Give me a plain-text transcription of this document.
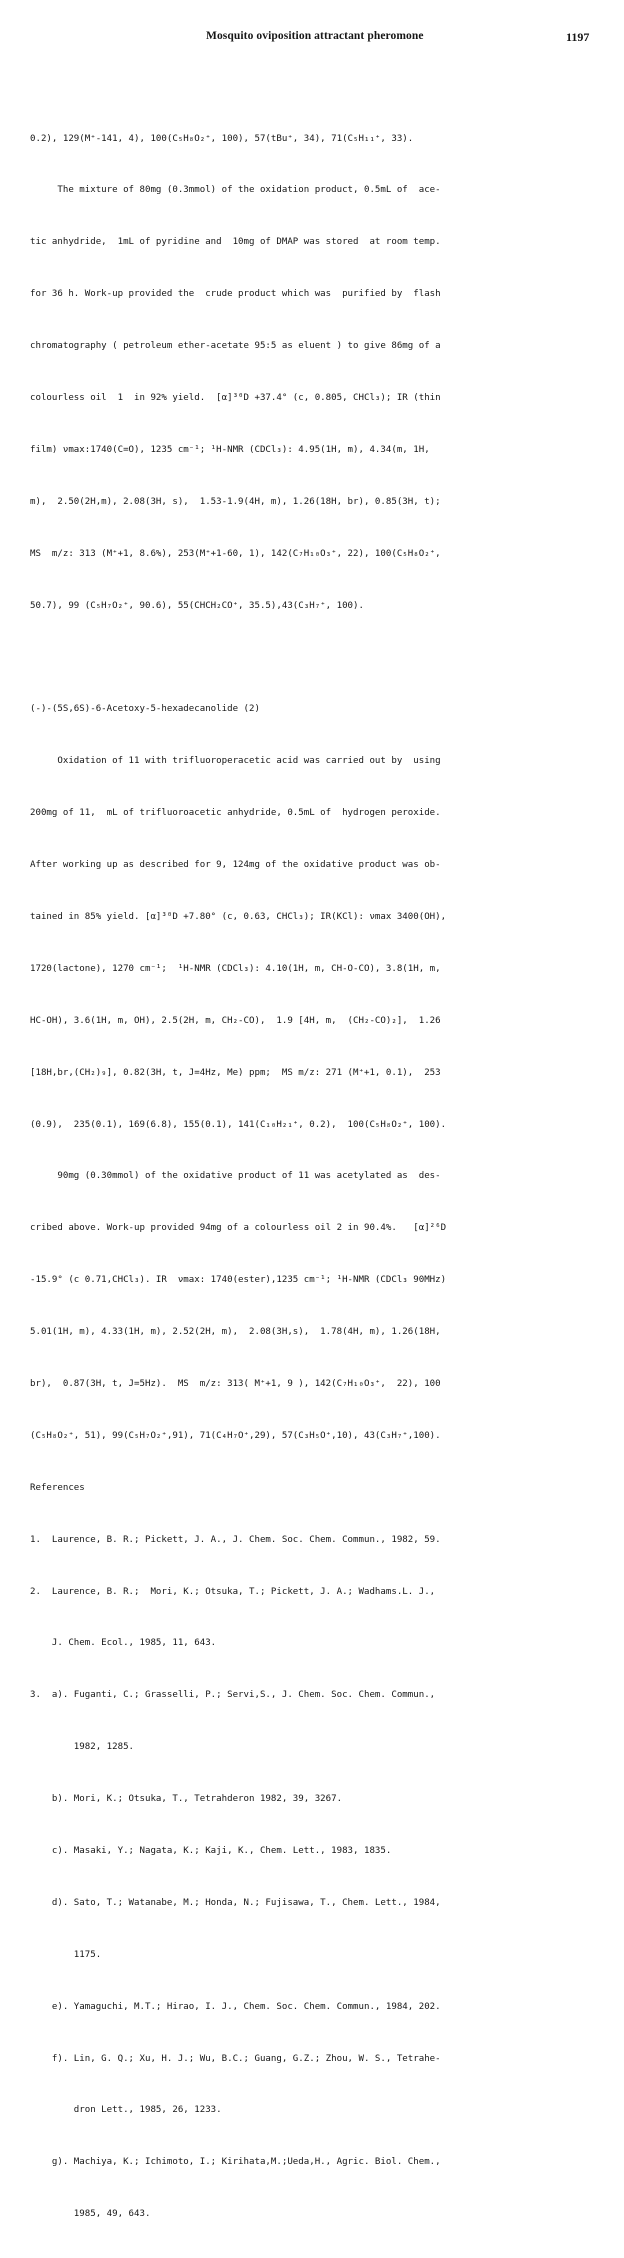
Mosquito oviposition attractant pheromone	1197

0.2), 129(M⁺-141, 4), 100(C₅H₈O₂⁺, 100), 57(tBu⁺, 34), 71(C₅H₁₁⁺, 33).

The mixture of 80mg (0.3mmol) of the oxidation product, 0.5mL of  ace-

tic anhydride,  1mL of pyridine and  10mg of DMAP was stored  at room temp.

for 36 h. Work-up provided the  crude product which was  purified by  flash

chromatography ( petroleum ether-acetate 95:5 as eluent ) to give 86mg of a

colourless oil  1  in 92% yield.  [α]³⁰D +37.4° (c, 0.805, CHCl₃); IR (thin

film) νmax:1740(C=O), 1235 cm⁻¹; ¹H-NMR (CDCl₃): 4.95(1H, m), 4.34(m, 1H,

m),  2.50(2H,m), 2.08(3H, s),  1.53-1.9(4H, m), 1.26(18H, br), 0.85(3H, t);

MS  m/z: 313 (M⁺+1, 8.6%), 253(M⁺+1-60, 1), 142(C₇H₁₀O₃⁺, 22), 100(C₅H₈O₂⁺,

50.7), 99 (C₅H₇O₂⁺, 90.6), 55(CHCH₂CO⁺, 35.5),43(C₃H₇⁺, 100).

(-)-(5S,6S)-6-Acetoxy-5-hexadecanolide (2)

Oxidation of 11 with trifluoroperacetic acid was carried out by  using

200mg of 11,  mL of trifluoroacetic anhydride, 0.5mL of  hydrogen peroxide.

After working up as described for 9, 124mg of the oxidative product was ob-

tained in 85% yield. [α]³⁰D +7.80° (c, 0.63, CHCl₃); IR(KCl): νmax 3400(OH),

1720(lactone), 1270 cm⁻¹;  ¹H-NMR (CDCl₃): 4.10(1H, m, CH-O-CO), 3.8(1H, m,

HC-OH), 3.6(1H, m, OH), 2.5(2H, m, CH₂-CO),  1.9 [4H, m,  (CH₂-CO)₂],  1.26

[18H,br,(CH₂)₉], 0.82(3H, t, J=4Hz, Me) ppm;  MS m/z: 271 (M⁺+1, 0.1),  253

(0.9),  235(0.1), 169(6.8), 155(0.1), 141(C₁₀H₂₁⁺, 0.2),  100(C₅H₈O₂⁺, 100).

90mg (0.30mmol) of the oxidative product of 11 was acetylated as  des-

cribed above. Work-up provided 94mg of a colourless oil 2 in 90.4%.   [α]²⁶D

-15.9° (c 0.71,CHCl₃). IR  νmax: 1740(ester),1235 cm⁻¹; ¹H-NMR (CDCl₃ 90MHz)

5.01(1H, m), 4.33(1H, m), 2.52(2H, m),  2.08(3H,s),  1.78(4H, m), 1.26(18H,

br),  0.87(3H, t, J=5Hz).  MS  m/z: 313( M⁺+1, 9 ), 142(C₇H₁₀O₃⁺,  22), 100

(C₅H₈O₂⁺, 51), 99(C₅H₇O₂⁺,91), 71(C₄H₇O⁺,29), 57(C₃H₅O⁺,10), 43(C₃H₇⁺,100).

References

1.  Laurence, B. R.; Pickett, J. A., J. Chem. Soc. Chem. Commun., 1982, 59.

2.  Laurence, B. R.;  Mori, K.; Otsuka, T.; Pickett, J. A.; Wadhams.L. J.,

J. Chem. Ecol., 1985, 11, 643.

3.  a). Fuganti, C.; Grasselli, P.; Servi,S., J. Chem. Soc. Chem. Commun.,

1982, 1285.

b). Mori, K.; Otsuka, T., Tetrahderon 1982, 39, 3267.

c). Masaki, Y.; Nagata, K.; Kaji, K., Chem. Lett., 1983, 1835.

d). Sato, T.; Watanabe, M.; Honda, N.; Fujisawa, T., Chem. Lett., 1984,

1175.

e). Yamaguchi, M.T.; Hirao, I. J., Chem. Soc. Chem. Commun., 1984, 202.

f). Lin, G. Q.; Xu, H. J.; Wu, B.C.; Guang, G.Z.; Zhou, W. S., Tetrahe-

dron Lett., 1985, 26, 1233.

g). Machiya, K.; Ichimoto, I.; Kirihata,M.;Ueda,H., Agric. Biol. Chem.,

1985, 49, 643.
